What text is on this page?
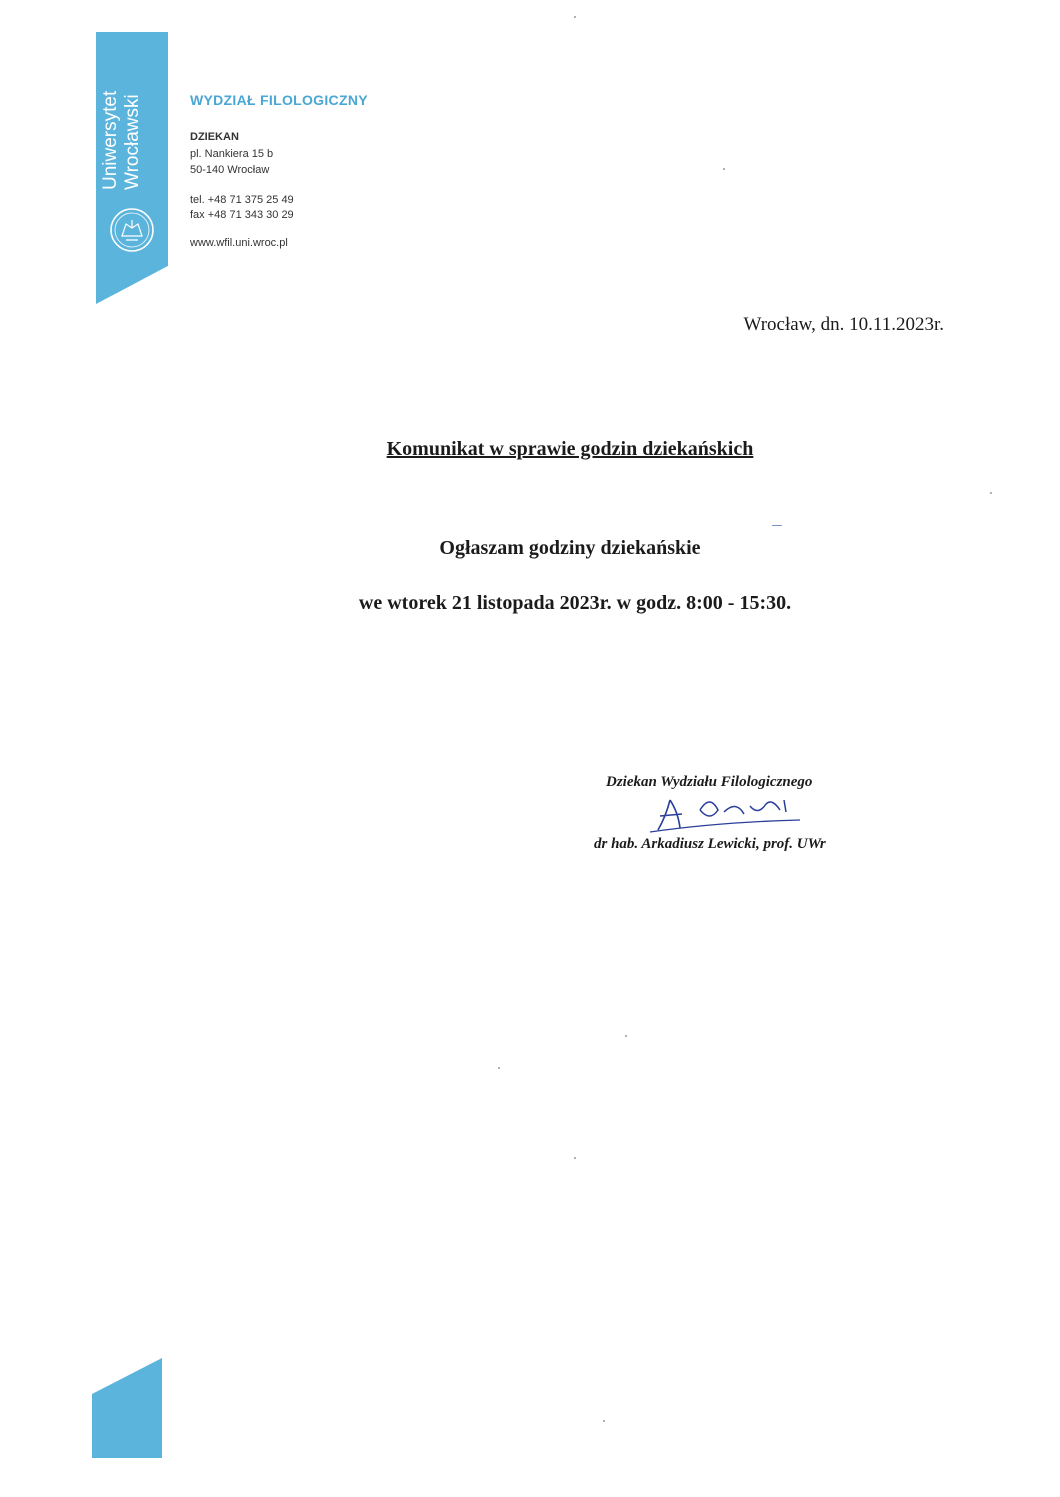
Uniwersytet Wrocławski	WYDZIAŁ FILOLOGICZNY
DZIEKAN
pl. Nankiera 15 b
50-140 Wrocław
tel. +48 71 375 25 49
fax +48 71 343 30 29
www.wfil.uni.wroc.pl
Wrocław, dn. 10.11.2023r.
Komunikat w sprawie godzin dziekańskich
Ogłaszam godziny dziekańskie
we wtorek 21 listopada 2023r. w godz. 8:00 - 15:30.
Dziekan Wydziału Filologicznego
dr hab. Arkadiusz Lewicki, prof. UWr
